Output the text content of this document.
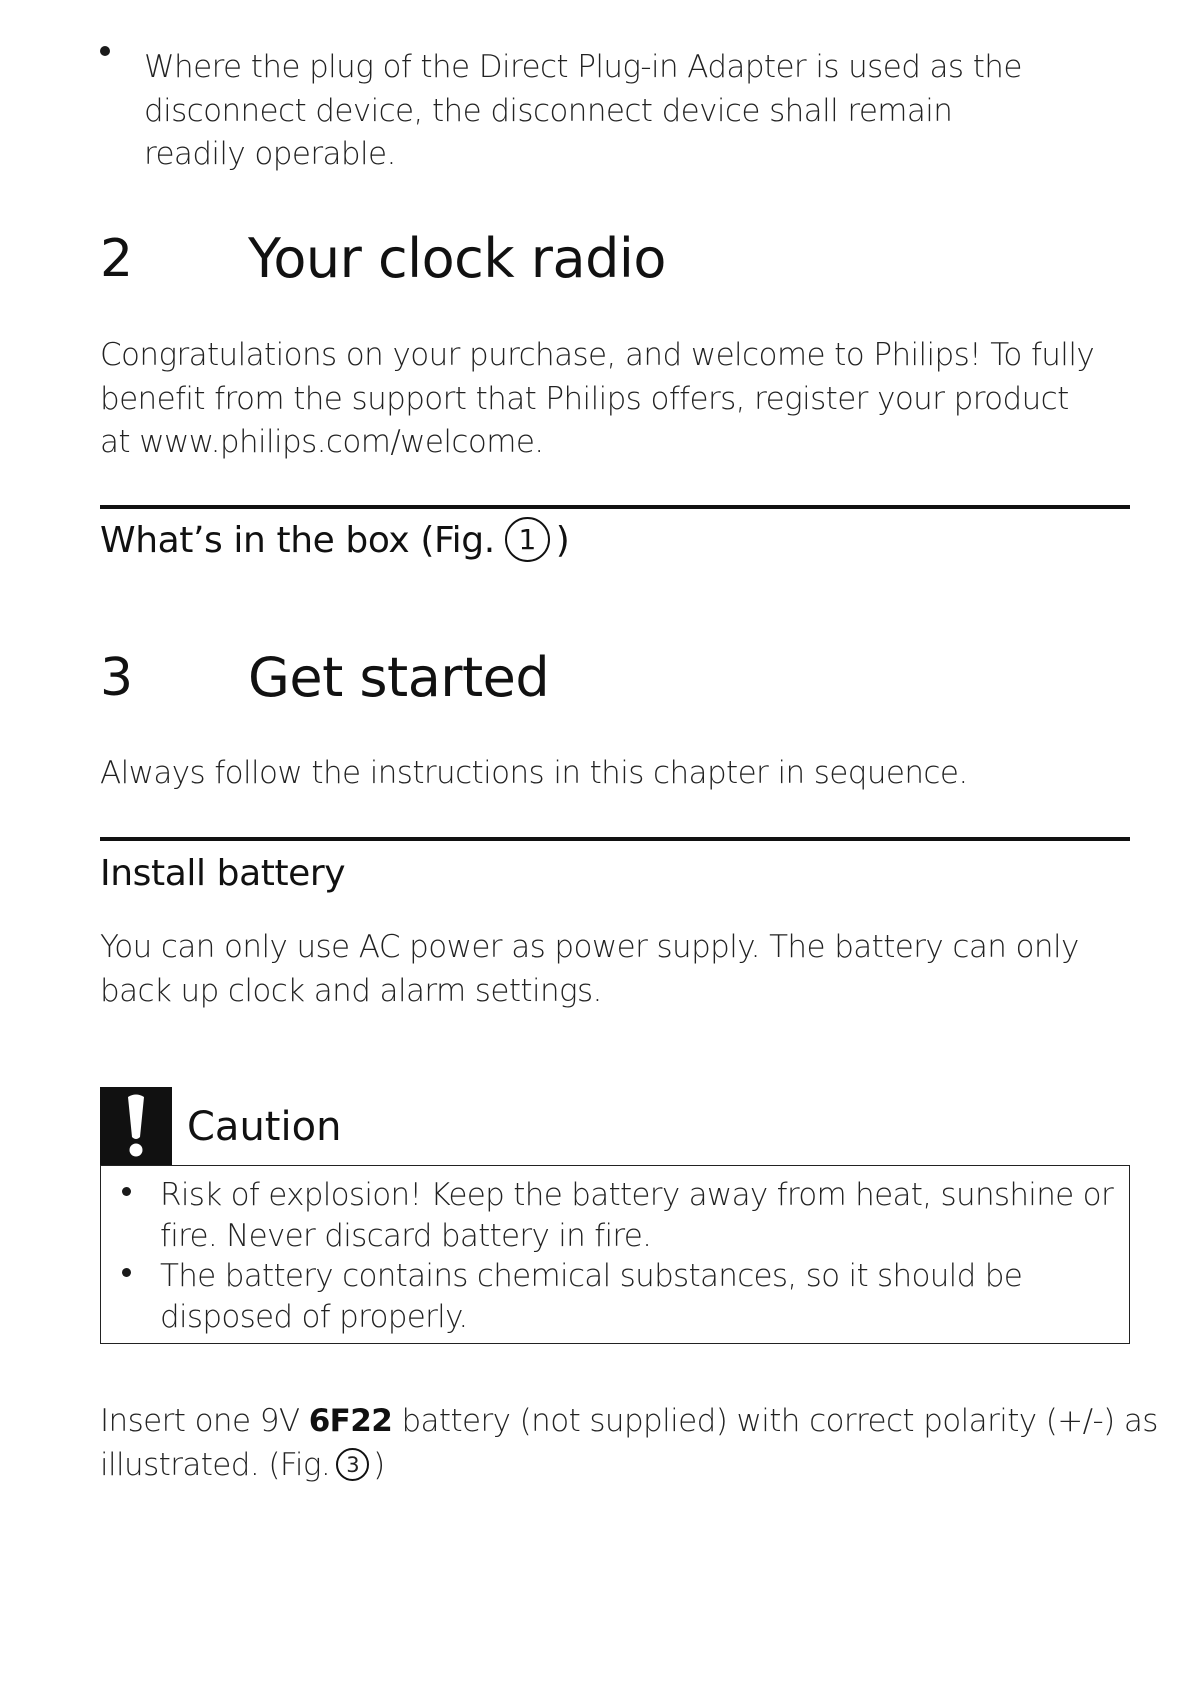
Where the plug of the Direct Plug-in Adapter is used as the disconnect device, the disconnect device shall remain readily operable.
2 Your clock radio
Congratulations on your purchase, and welcome to Philips! To fully benefit from the support that Philips offers, register your product at www.philips.com/welcome.
What’s in the box (Fig. 1 )
3 Get started
Always follow the instructions in this chapter in sequence.
Install battery
You can only use AC power as power supply. The battery can only back up clock and alarm settings.
Caution
Risk of explosion! Keep the battery away from heat, sunshine or fire. Never discard battery in fire.
The battery contains chemical substances, so it should be disposed of properly.
Insert one 9V 6F22 battery (not supplied) with correct polarity (+/-) as illustrated. (Fig. 3 )
